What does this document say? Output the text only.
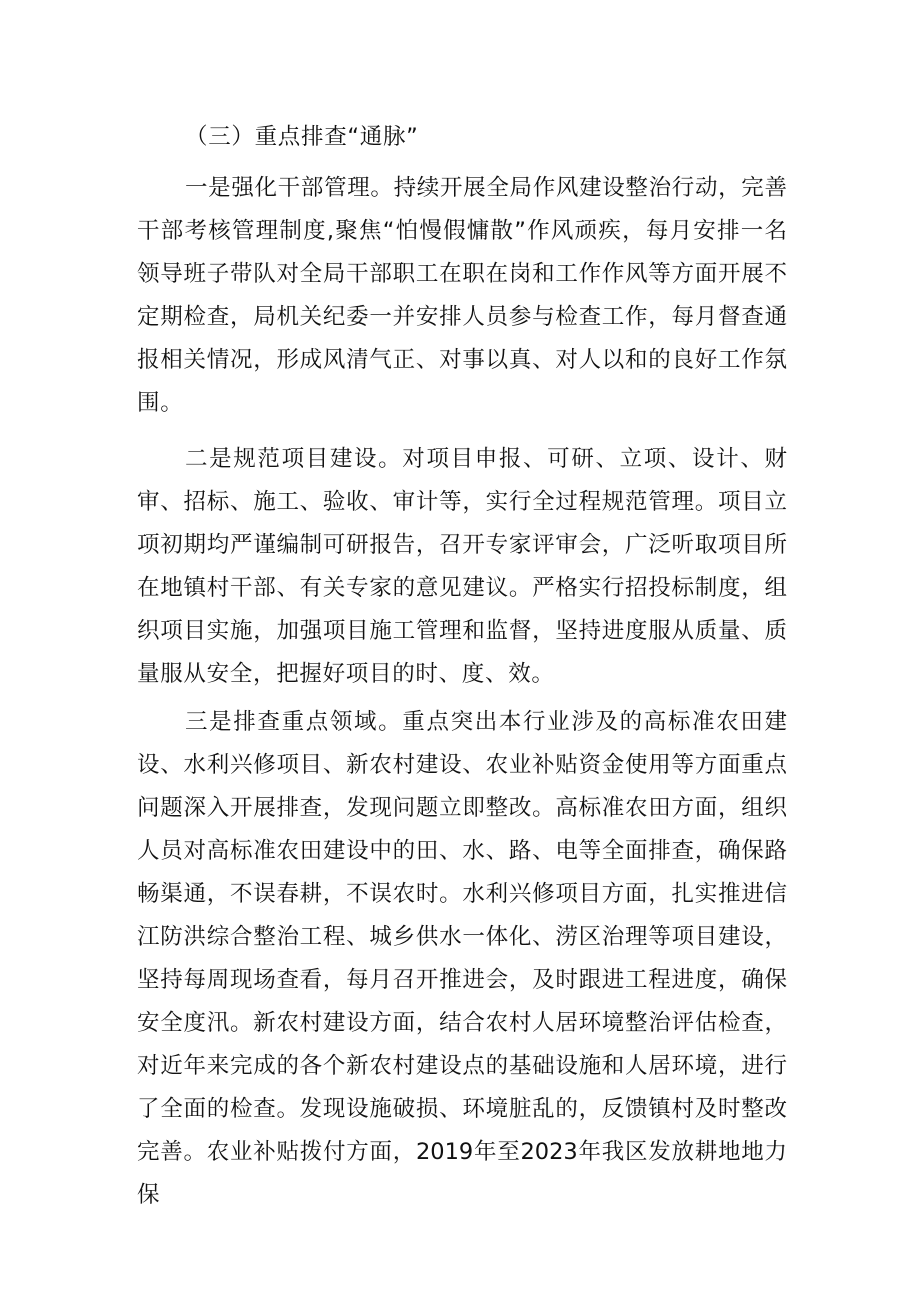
（三）重点排查“通脉”
一是强化干部管理。持续开展全局作风建设整治行动，完善
干部考核管理制度,聚焦“怕慢假慵散”作风顽疾，每月安排一名
领导班子带队对全局干部职工在职在岗和工作作风等方面开展不
定期检查，局机关纪委一并安排人员参与检查工作，每月督查通
报相关情况，形成风清气正、对事以真、对人以和的良好工作氛
围。
二是规范项目建设。对项目申报、可研、立项、设计、财
审、招标、施工、验收、审计等，实行全过程规范管理。项目立
项初期均严谨编制可研报告，召开专家评审会，广泛听取项目所
在地镇村干部、有关专家的意见建议。严格实行招投标制度，组
织项目实施，加强项目施工管理和监督，坚持进度服从质量、质
量服从安全，把握好项目的时、度、效。
三是排查重点领域。重点突出本行业涉及的高标准农田建
设、水利兴修项目、新农村建设、农业补贴资金使用等方面重点
问题深入开展排查，发现问题立即整改。高标准农田方面，组织
人员对高标准农田建设中的田、水、路、电等全面排查，确保路
畅渠通，不误春耕，不误农时。水利兴修项目方面，扎实推进信
江防洪综合整治工程、城乡供水一体化、涝区治理等项目建设，
坚持每周现场查看，每月召开推进会，及时跟进工程进度，确保
安全度汛。新农村建设方面，结合农村人居环境整治评估检查，
对近年来完成的各个新农村建设点的基础设施和人居环境，进行
了全面的检查。发现设施破损、环境脏乱的，反馈镇村及时整改
完善。农业补贴拨付方面，2019年至2023年我区发放耕地地力保
